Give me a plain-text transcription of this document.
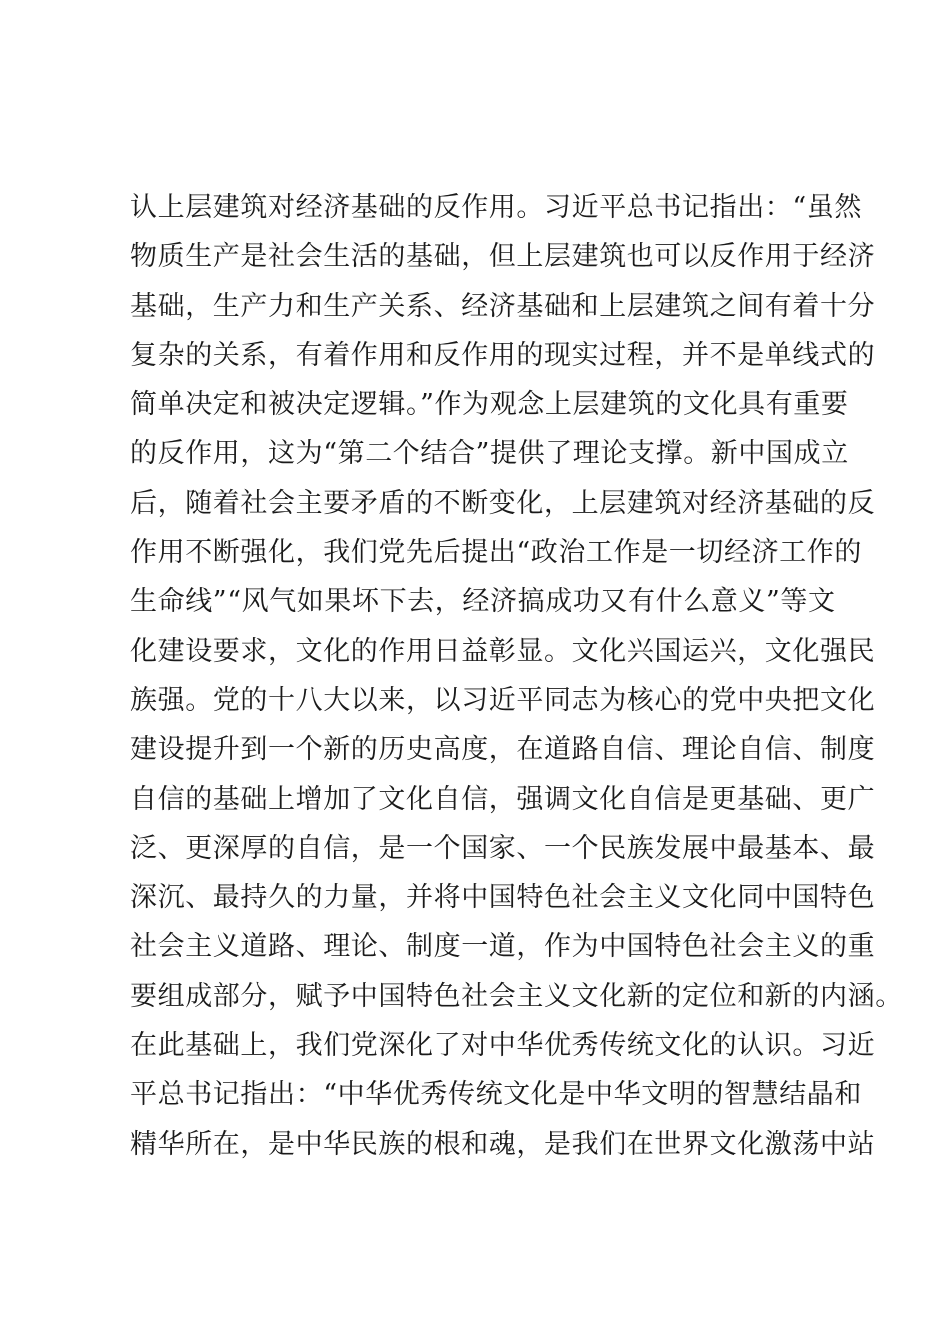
认上层建筑对经济基础的反作用。习近平总书记指出：“虽然
物质生产是社会生活的基础，但上层建筑也可以反作用于经济
基础，生产力和生产关系、经济基础和上层建筑之间有着十分
复杂的关系，有着作用和反作用的现实过程，并不是单线式的
简单决定和被决定逻辑。”作为观念上层建筑的文化具有重要
的反作用，这为“第二个结合”提供了理论支撑。新中国成立
后，随着社会主要矛盾的不断变化，上层建筑对经济基础的反
作用不断强化，我们党先后提出“政治工作是一切经济工作的
生命线”“风气如果坏下去，经济搞成功又有什么意义”等文
化建设要求，文化的作用日益彰显。文化兴国运兴，文化强民
族强。党的十八大以来，以习近平同志为核心的党中央把文化
建设提升到一个新的历史高度，在道路自信、理论自信、制度
自信的基础上增加了文化自信，强调文化自信是更基础、更广
泛、更深厚的自信，是一个国家、一个民族发展中最基本、最
深沉、最持久的力量，并将中国特色社会主义文化同中国特色
社会主义道路、理论、制度一道，作为中国特色社会主义的重
要组成部分，赋予中国特色社会主义文化新的定位和新的内涵。
在此基础上，我们党深化了对中华优秀传统文化的认识。习近
平总书记指出：“中华优秀传统文化是中华文明的智慧结晶和
精华所在，是中华民族的根和魂，是我们在世界文化激荡中站
